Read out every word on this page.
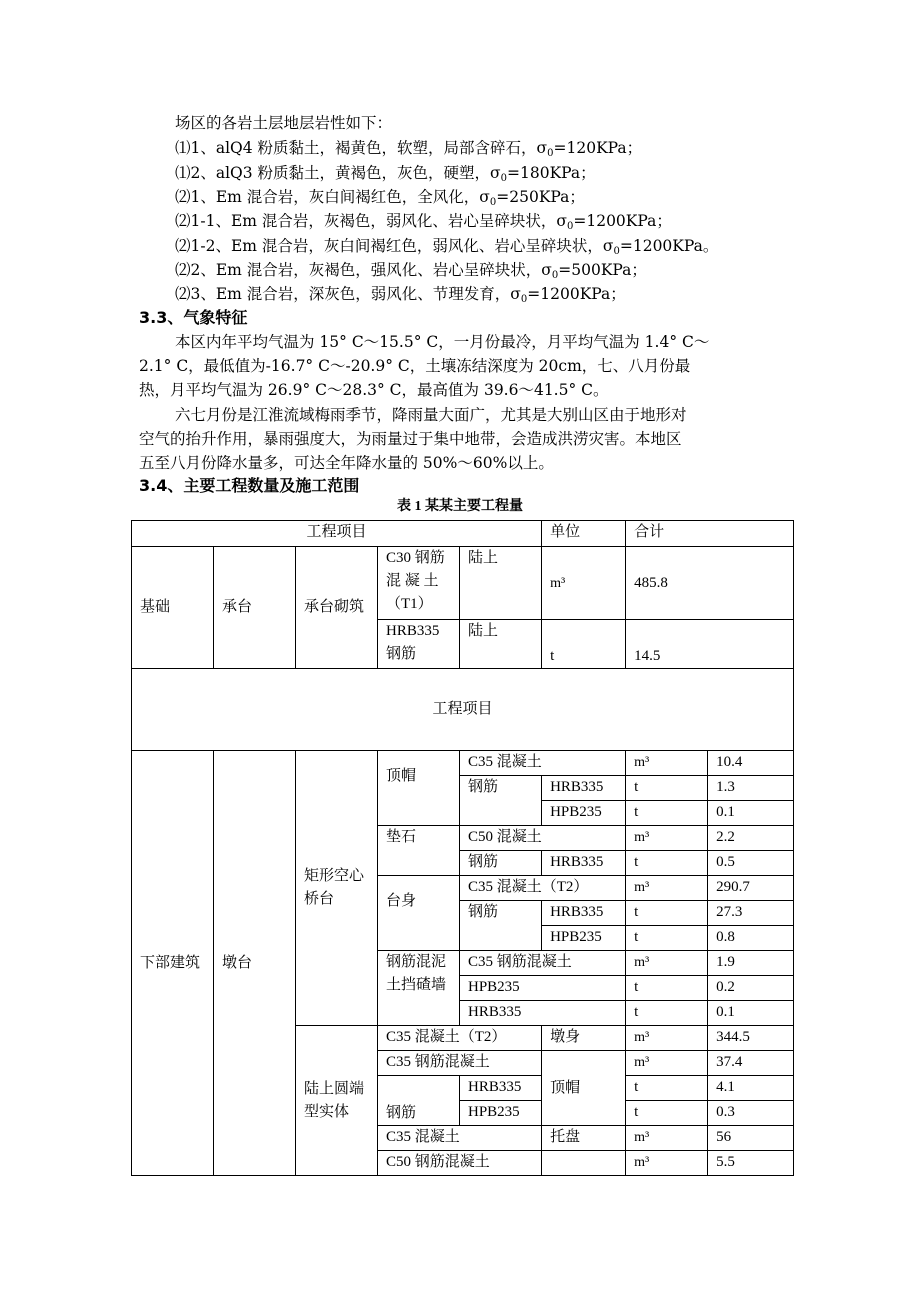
场区的各岩土层地层岩性如下：
⑴1、alQ4 粉质黏土，褐黄色，软塑，局部含碎石，$\sigma_0=120KPa$；
⑴2、alQ3 粉质黏土，黄褐色，灰色，硬塑，$\sigma_0=180KPa$；
⑵1、Em 混合岩，灰白间褐红色，全风化，$\sigma_0=250KPa$；
⑵1-1、Em 混合岩，灰褐色，弱风化、岩心呈碎块状，$\sigma_0=1200KPa$；
⑵1-2、Em 混合岩，灰白间褐红色，弱风化、岩心呈碎块状，$\sigma_0=1200KPa$。
⑵2、Em 混合岩，灰褐色，强风化、岩心呈碎块状，$\sigma_0=500KPa$；
⑵3、Em 混合岩，深灰色，弱风化、节理发育，$\sigma_0=1200KPa$；
3.3、气象特征
本区内年平均气温为 15° C～15.5° C，一月份最冷，月平均气温为 1.4° C～
2.1° C，最低值为-16.7° C～-20.9° C，土壤冻结深度为 20cm，七、八月份最
热，月平均气温为 26.9° C～28.3° C，最高值为 39.6～41.5° C。
六七月份是江淮流域梅雨季节，降雨量大面广，尤其是大别山区由于地形对
空气的抬升作用，暴雨强度大，为雨量过于集中地带，会造成洪涝灾害。本地区
五至八月份降水量多，可达全年降水量的 50%～60%以上。
3.4、主要工程数量及施工范围
表 1 某某主要工程量
工程项目					单位	合计	
基础	承台	承台砌筑	C30 钢筋混 凝 土（T1）	陆上	m³	485.8	
			HRB335 钢筋	陆上	t	14.5	
工程项目							
下部建筑	墩台	矩形空心桥台	顶帽	C35 混凝土		m³	10.4
				钢筋	HRB335	t	1.3
					HPB235	t	0.1
			垫石	C50 混凝土		m³	2.2
				钢筋	HRB335	t	0.5
			台身	C35 混凝土（T2）		m³	290.7
				钢筋	HRB335	t	27.3
					HPB235	t	0.8
			钢筋混泥土挡碴墙	C35 钢筋混凝土		m³	1.9
				HPB235		t	0.2
				HRB335		t	0.1
		陆上圆端型实体	C35 混凝土（T2）		墩身	m³	344.5
			C35 钢筋混凝土		顶帽	m³	37.4
			钢筋	HRB335		t	4.1
				HPB235		t	0.3
			C35 混凝土		托盘	m³	56
			C50 钢筋混凝土			m³	5.5
